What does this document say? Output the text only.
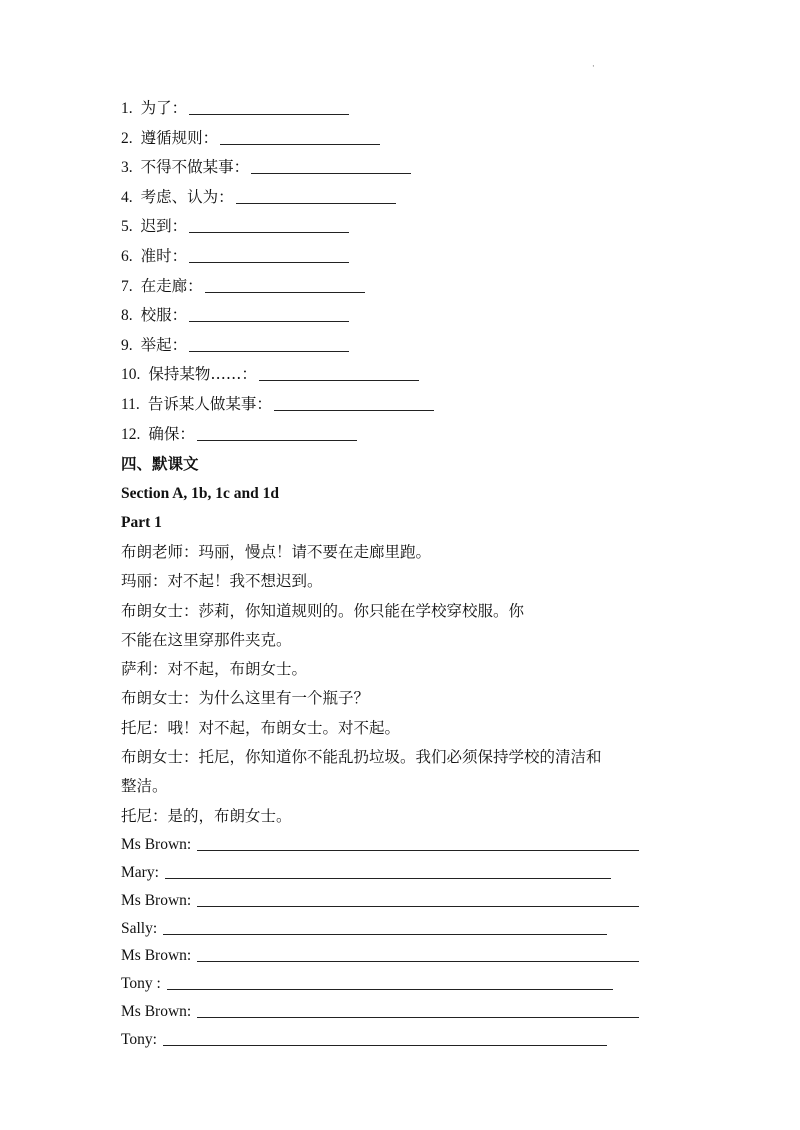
·
1. 为了：
2. 遵循规则：
3. 不得不做某事：
4. 考虑、认为：
5. 迟到：
6. 准时：
7. 在走廊：
8. 校服：
9. 举起：
10. 保持某物……：
11. 告诉某人做某事：
12. 确保：
四、默课文
Section A, 1b, 1c and 1d
Part 1
布朗老师：玛丽，慢点！请不要在走廊里跑。
玛丽：对不起！我不想迟到。
布朗女士：莎莉，你知道规则的。你只能在学校穿校服。你
不能在这里穿那件夹克。
萨利：对不起，布朗女士。
布朗女士：为什么这里有一个瓶子？
托尼：哦！对不起，布朗女士。对不起。
布朗女士：托尼，你知道你不能乱扔垃圾。我们必须保持学校的清洁和
整洁。
托尼：是的，布朗女士。
Ms Brown:
Mary:
Ms Brown:
Sally:
Ms Brown:
Tony :
Ms Brown:
Tony:
